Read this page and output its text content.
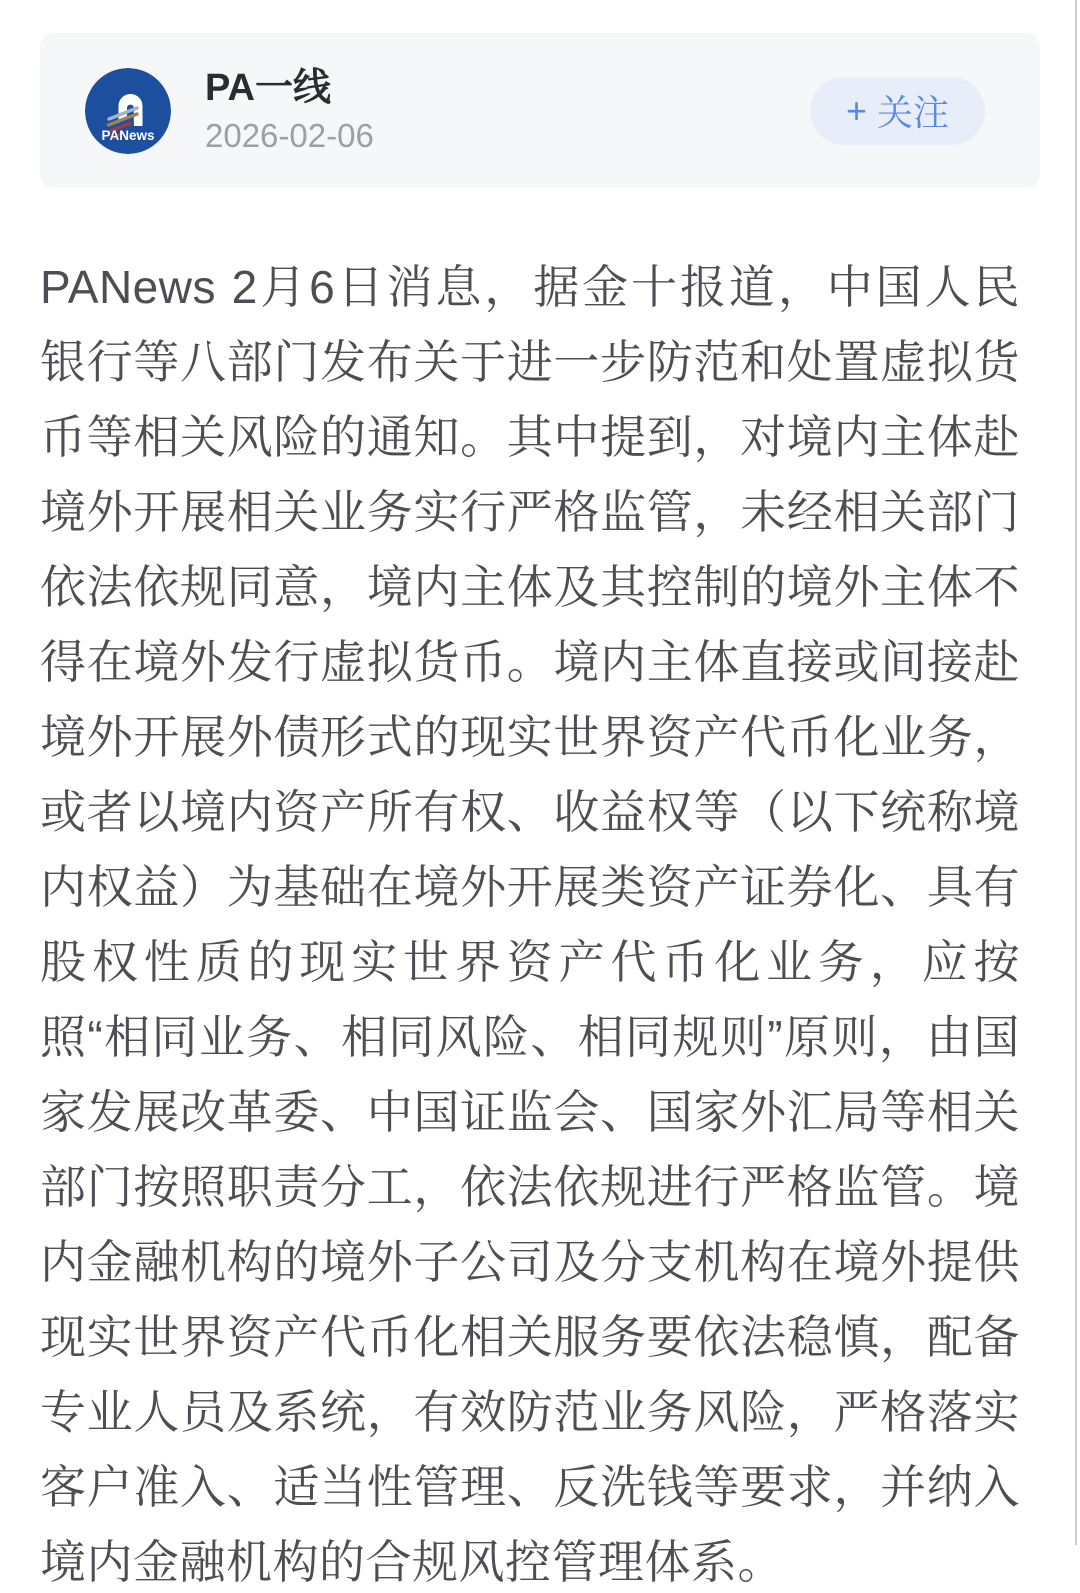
PANews
PA一线
2026-02-06
+ 关注

PANews 2月6日消息，据金十报道，中国人民银行等八部门发布关于进一步防范和处置虚拟货币等相关风险的通知。其中提到，对境内主体赴境外开展相关业务实行严格监管，未经相关部门依法依规同意，境内主体及其控制的境外主体不得在境外发行虚拟货币。境内主体直接或间接赴境外开展外债形式的现实世界资产代币化业务，或者以境内资产所有权、收益权等（以下统称境内权益）为基础在境外开展类资产证券化、具有股权性质的现实世界资产代币化业务，应按照“相同业务、相同风险、相同规则”原则，由国家发展改革委、中国证监会、国家外汇局等相关部门按照职责分工，依法依规进行严格监管。境内金融机构的境外子公司及分支机构在境外提供现实世界资产代币化相关服务要依法稳慎，配备专业人员及系统，有效防范业务风险，严格落实客户准入、适当性管理、反洗钱等要求，并纳入境内金融机构的合规风控管理体系。
